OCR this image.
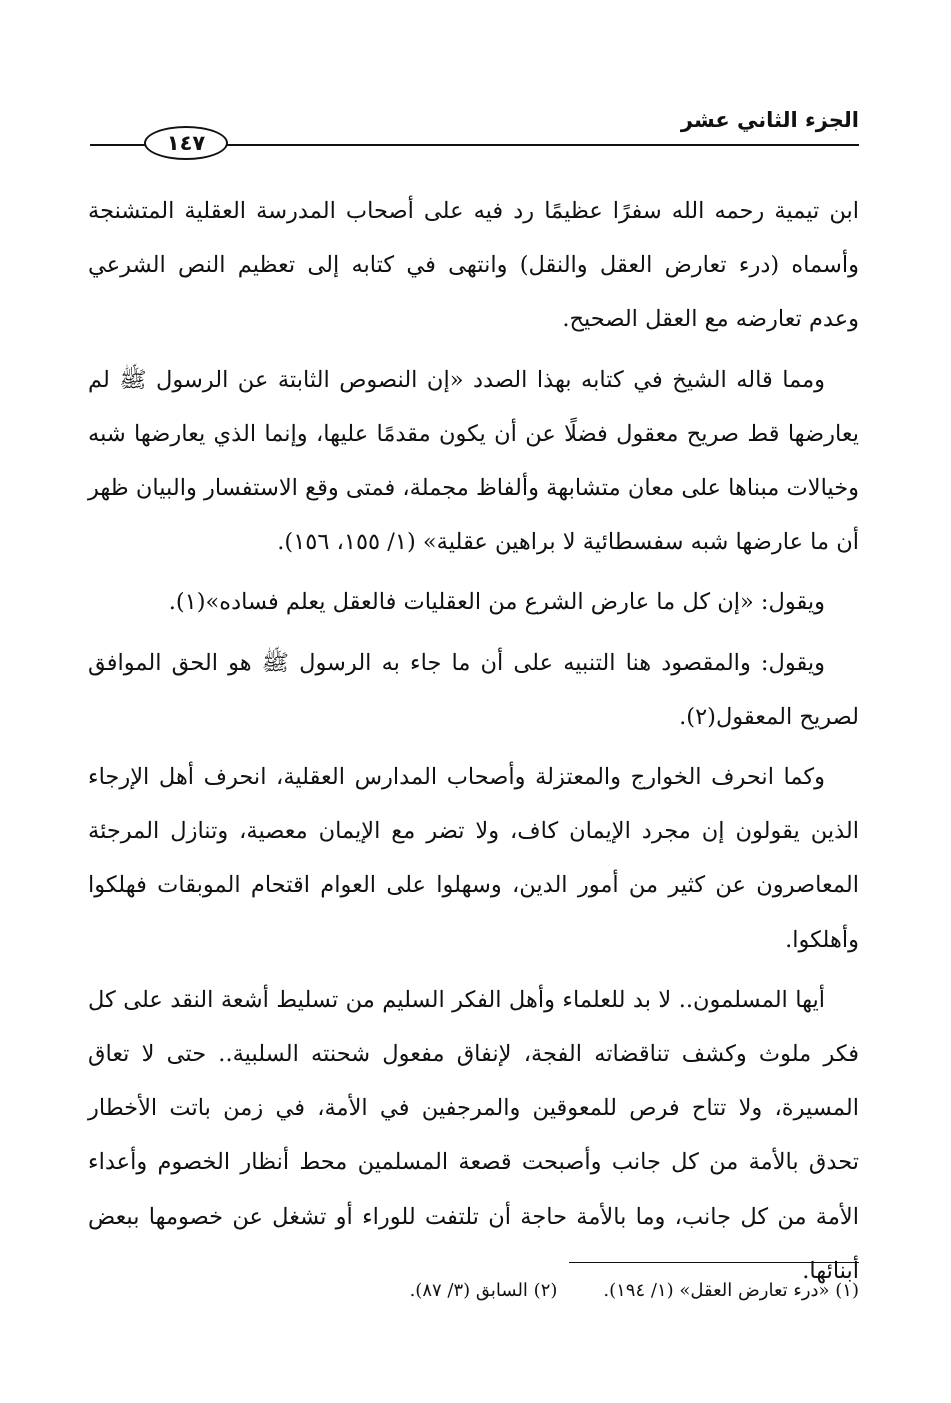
الجزء الثاني عشر
١٤٧

ابن تيمية رحمه الله سفرًا عظيمًا رد فيه على أصحاب المدرسة العقلية المتشنجة وأسماه (درء تعارض العقل والنقل) وانتهى في كتابه إلى تعظيم النص الشرعي وعدم تعارضه مع العقل الصحيح.

ومما قاله الشيخ في كتابه بهذا الصدد «إن النصوص الثابتة عن الرسول ﷺ لم يعارضها قط صريح معقول فضلًا عن أن يكون مقدمًا عليها، وإنما الذي يعارضها شبه وخيالات مبناها على معان متشابهة وألفاظ مجملة، فمتى وقع الاستفسار والبيان ظهر أن ما عارضها شبه سفسطائية لا براهين عقلية» (١/ ١٥٥، ١٥٦).

ويقول: «إن كل ما عارض الشرع من العقليات فالعقل يعلم فساده»(١).

ويقول: والمقصود هنا التنبيه على أن ما جاء به الرسول ﷺ هو الحق الموافق لصريح المعقول(٢).

وكما انحرف الخوارج والمعتزلة وأصحاب المدارس العقلية، انحرف أهل الإرجاء الذين يقولون إن مجرد الإيمان كاف، ولا تضر مع الإيمان معصية، وتنازل المرجئة المعاصرون عن كثير من أمور الدين، وسهلوا على العوام اقتحام الموبقات فهلكوا وأهلكوا.

أيها المسلمون.. لا بد للعلماء وأهل الفكر السليم من تسليط أشعة النقد على كل فكر ملوث وكشف تناقضاته الفجة، لإنفاق مفعول شحنته السلبية.. حتى لا تعاق المسيرة، ولا تتاح فرص للمعوقين والمرجفين في الأمة، في زمن باتت الأخطار تحدق بالأمة من كل جانب وأصبحت قصعة المسلمين محط أنظار الخصوم وأعداء الأمة من كل جانب، وما بالأمة حاجة أن تلتفت للوراء أو تشغل عن خصومها ببعض أبنائها.

(١) «درء تعارض العقل» (١/ ١٩٤).
(٢) السابق (٣/ ٨٧).
